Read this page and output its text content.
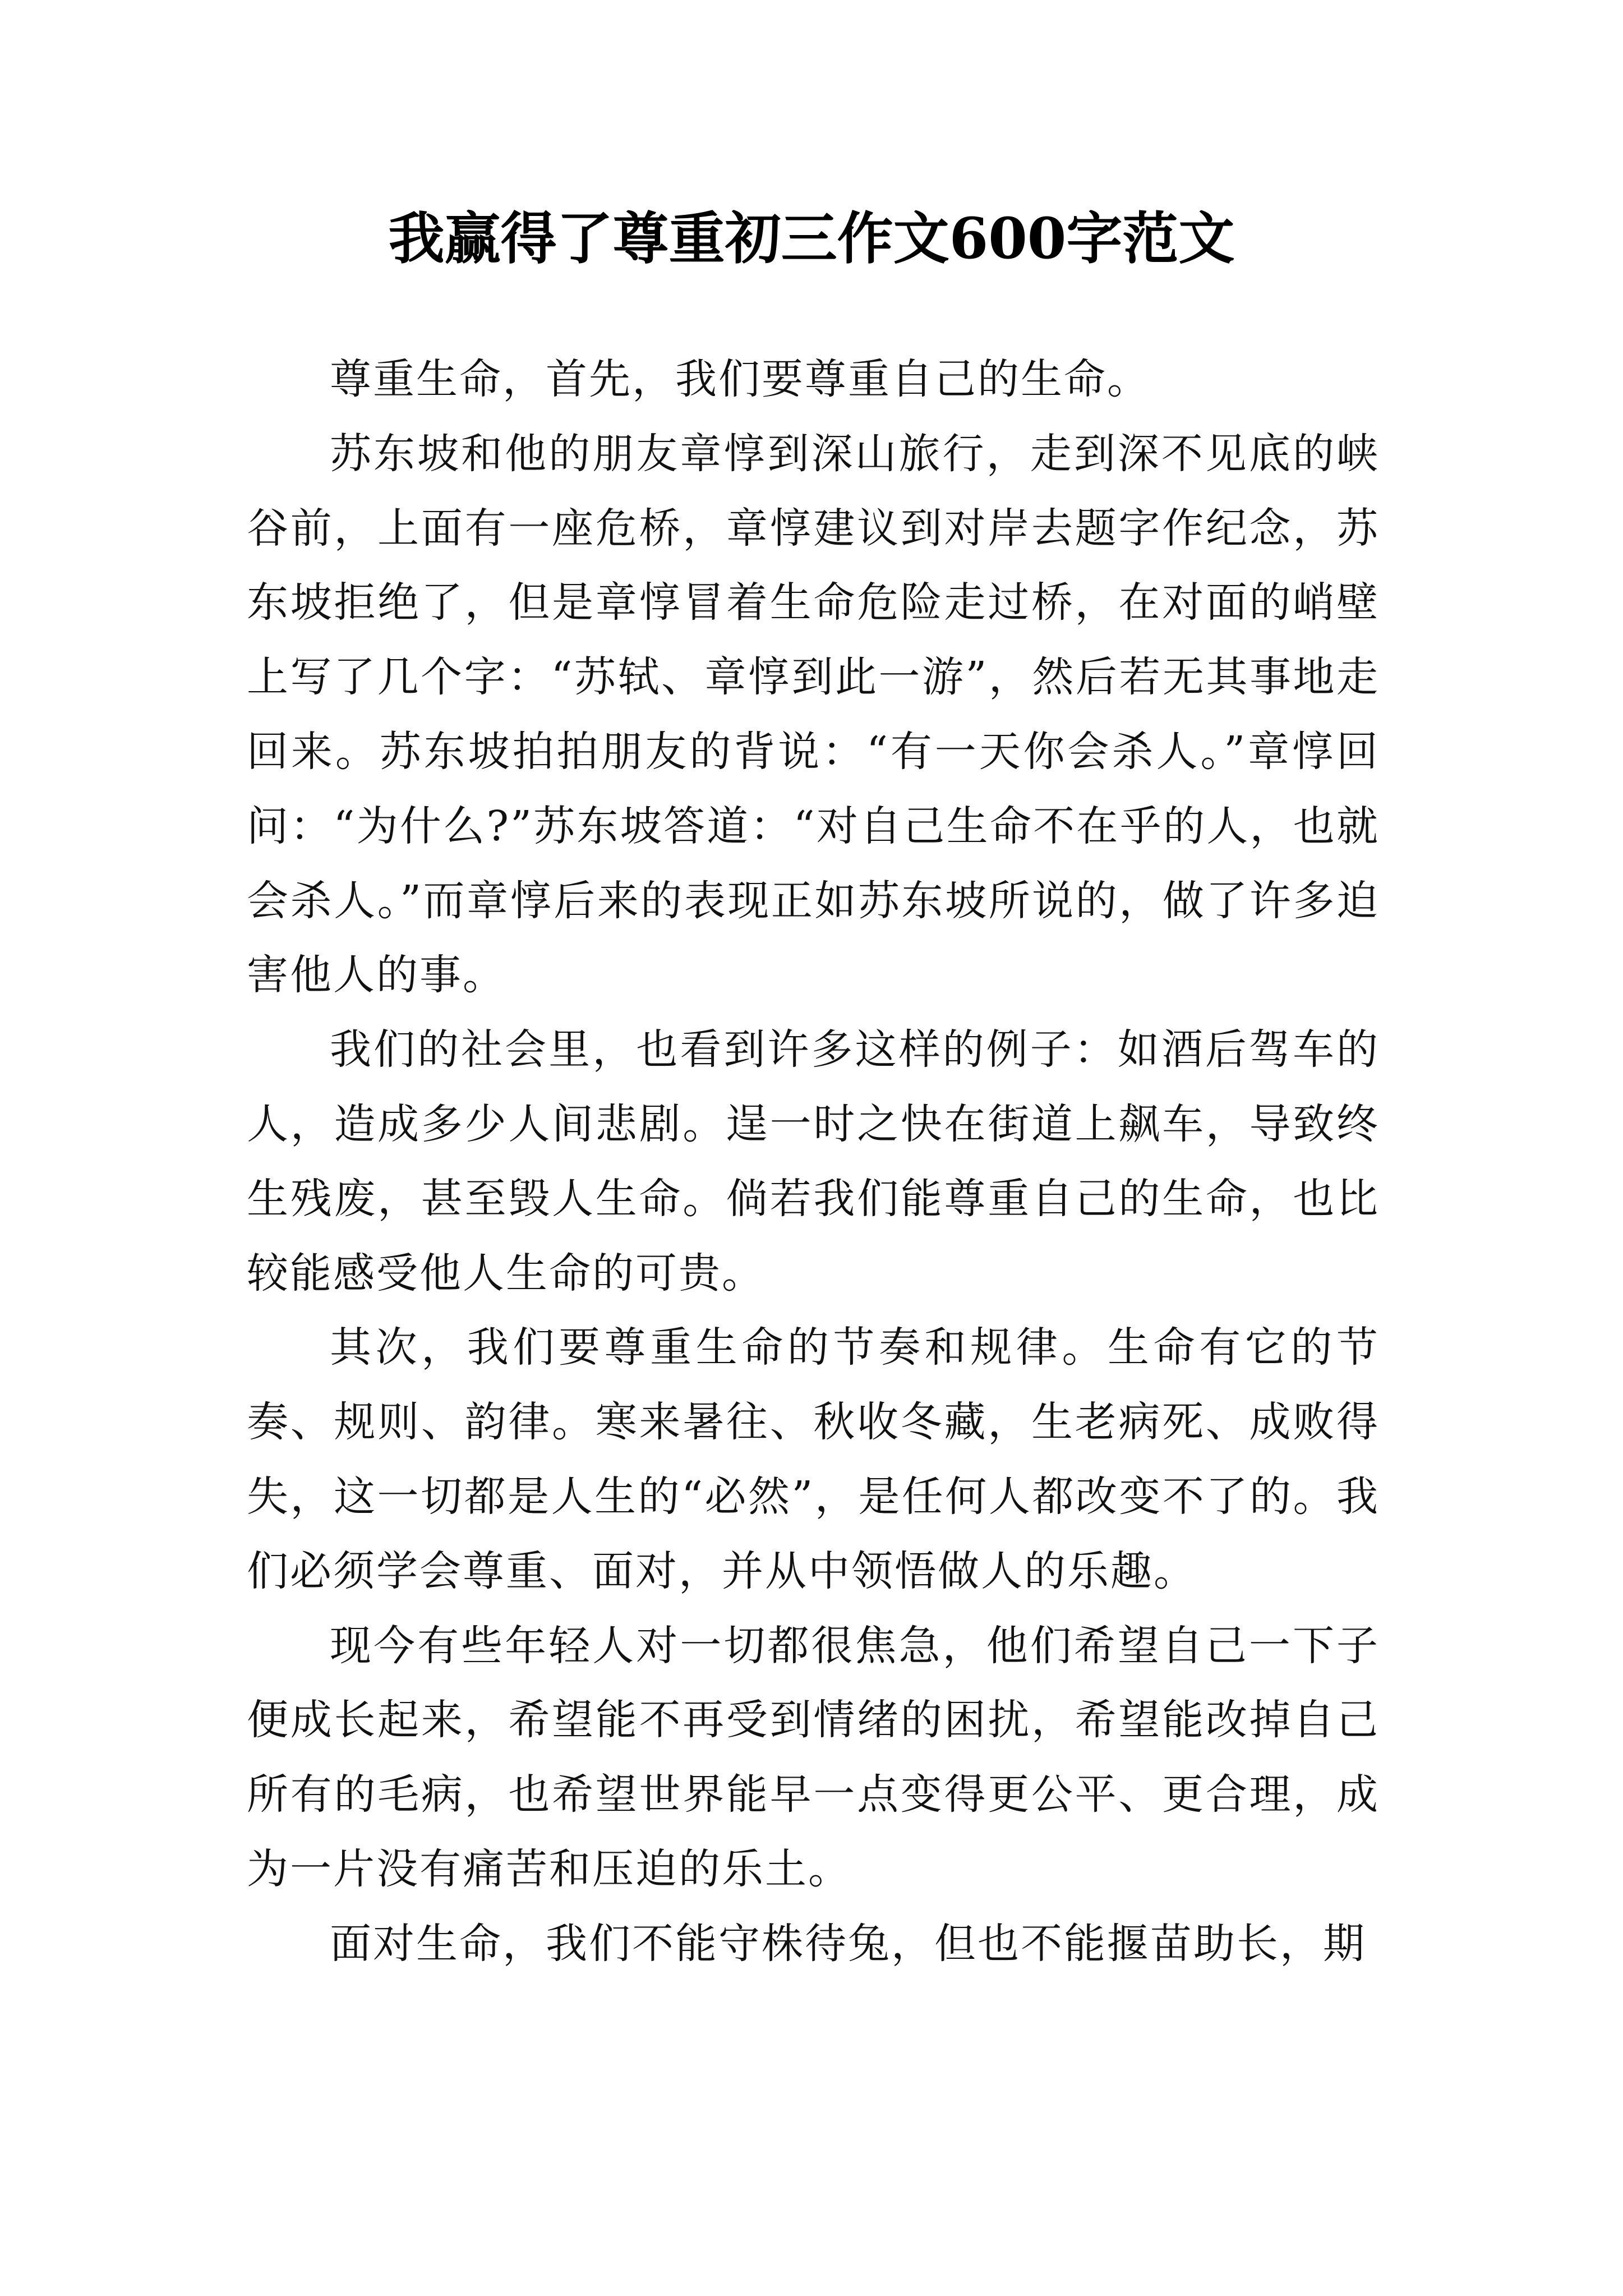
我赢得了尊重初三作文600字范文

尊重生命，首先，我们要尊重自己的生命。

苏东坡和他的朋友章惇到深山旅行，走到深不见底的峡谷前，上面有一座危桥，章惇建议到对岸去题字作纪念，苏东坡拒绝了，但是章惇冒着生命危险走过桥，在对面的峭壁上写了几个字：“苏轼、章惇到此一游”，然后若无其事地走回来。苏东坡拍拍朋友的背说：“有一天你会杀人。”章惇回问：“为什么?”苏东坡答道：“对自己生命不在乎的人，也就会杀人。”而章惇后来的表现正如苏东坡所说的，做了许多迫害他人的事。

我们的社会里，也看到许多这样的例子：如酒后驾车的人，造成多少人间悲剧。逞一时之快在街道上飙车，导致终生残废，甚至毁人生命。倘若我们能尊重自己的生命，也比较能感受他人生命的可贵。

其次，我们要尊重生命的节奏和规律。生命有它的节奏、规则、韵律。寒来暑往、秋收冬藏，生老病死、成败得失，这一切都是人生的“必然”，是任何人都改变不了的。我们必须学会尊重、面对，并从中领悟做人的乐趣。

现今有些年轻人对一切都很焦急，他们希望自己一下子便成长起来，希望能不再受到情绪的困扰，希望能改掉自己所有的毛病，也希望世界能早一点变得更公平、更合理，成为一片没有痛苦和压迫的乐土。

面对生命，我们不能守株待兔，但也不能揠苗助长，期
